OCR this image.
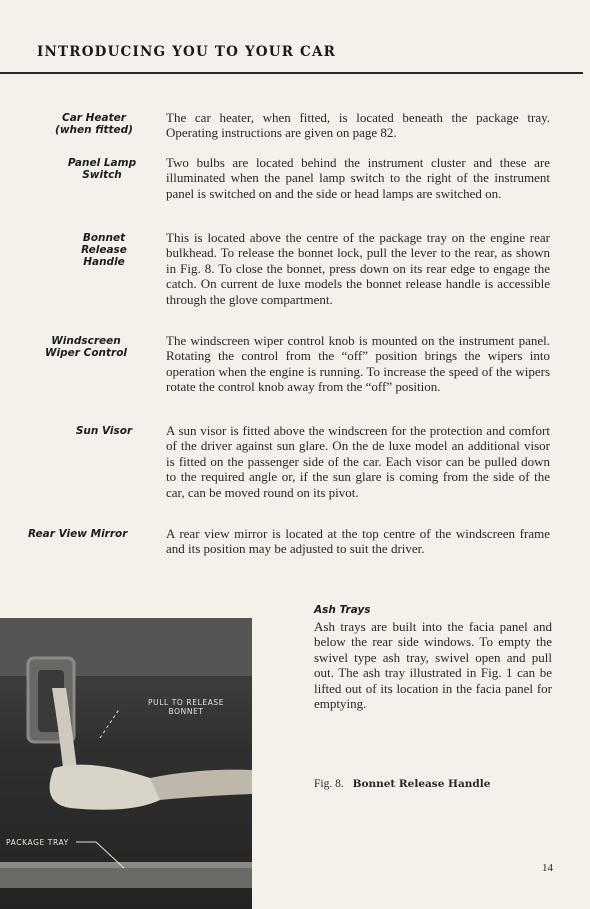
INTRODUCING YOU TO YOUR CAR
Car Heater
(when fitted)
The car heater, when fitted, is located beneath the package tray. Operating instructions are given on page 82.
Panel Lamp
Switch
Two bulbs are located behind the instrument cluster and these are illuminated when the panel lamp switch to the right of the instrument panel is switched on and the side or head lamps are switched on.
Bonnet
Release
Handle
This is located above the centre of the package tray on the engine rear bulkhead. To release the bonnet lock, pull the lever to the rear, as shown in Fig. 8. To close the bonnet, press down on its rear edge to engage the catch. On current de luxe models the bonnet release handle is accessible through the glove compartment.
Windscreen
Wiper Control
The windscreen wiper control knob is mounted on the instrument panel. Rotating the control from the “off” position brings the wipers into operation when the engine is running. To increase the speed of the wipers rotate the control knob away from the “off” position.
Sun Visor	A sun visor is fitted above the windscreen for the protection and comfort of the driver against sun glare. On the de luxe model an additional visor is fitted on the passenger side of the car. Each visor can be pulled down to the required angle or, if the sun glare is coming from the side of the car, can be moved round on its pivot.
Rear View Mirror	A rear view mirror is located at the top centre of the windscreen frame and its position may be adjusted to suit the driver.
PULL TO RELEASE
BONNET
PACKAGE TRAY
Ash Trays
Ash trays are built into the facia panel and below the rear side windows. To empty the swivel type ash tray, swivel open and pull out. The ash tray illustrated in Fig. 1 can be lifted out of its location in the facia panel for emptying.
Fig. 8. Bonnet Release Handle
14
